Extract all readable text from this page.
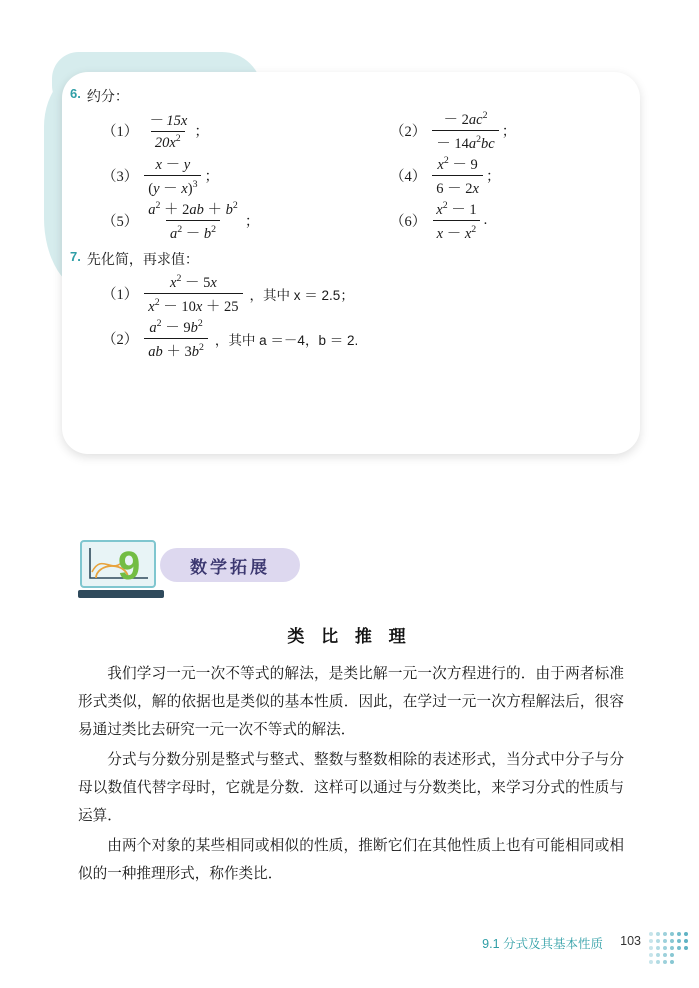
6. 约分：
$(1) \frac{- 15x}{20x^2}$ ；	$(2) \frac{- 2ac^2}{- 14a^2bc}$ ；
$(3) \frac{x - y}{(y - x)^3}$ ；	$(4) \frac{x^2 - 9}{6 - 2x}$ ；
$(5) \frac{a^2 + 2ab + b^2}{a^2 - b^2}$ ；	$(6) \frac{x^2 - 1}{x - x^2}$ .
7. 先化简，再求值：
$(1) \frac{x^2 - 5x}{x^2 - 10x + 25}$ ，其中 x ＝ 2.5；
$(2) \frac{a^2 - 9b^2}{ab + 3b^2}$ ，其中 a ＝－4，b ＝ 2.
9	数学拓展
类 比 推 理

我们学习一元一次不等式的解法，是类比解一元一次方程进行的．由于两者标准形式类似，解的依据也是类似的基本性质．因此，在学过一元一次方程解法后，很容易通过类比去研究一元一次不等式的解法．

分式与分数分别是整式与整式、整数与整数相除的表述形式，当分式中分子与分母以数值代替字母时，它就是分数．这样可以通过与分数类比，来学习分式的性质与运算．

由两个对象的某些相同或相似的性质，推断它们在其他性质上也有可能相同或相似的一种推理形式，称作类比．

9.1 分式及其基本性质 103
